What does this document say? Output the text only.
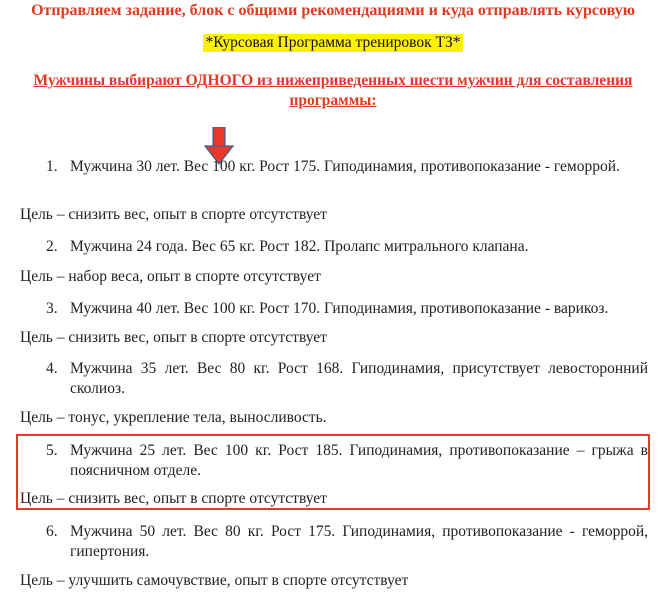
Отправляем задание, блок с общими рекомендациями и куда отправлять курсовую
*Курсовая Программа тренировок ТЗ*
Мужчины выбирают ОДНОГО из нижеприведенных шести мужчин для составления программы:
1. Мужчина 30 лет. Вес 100 кг. Рост 175. Гиподинамия, противопоказание - геморрой.
Цель – снизить вес, опыт в спорте отсутствует
2. Мужчина 24 года. Вес 65 кг. Рост 182. Пролапс митрального клапана.
Цель – набор веса, опыт в спорте отсутствует
3. Мужчина 40 лет. Вес 100 кг. Рост 170. Гиподинамия, противопоказание - варикоз.
Цель – снизить вес, опыт в спорте отсутствует
4. Мужчина 35 лет. Вес 80 кг. Рост 168. Гиподинамия, присутствует левосторонний сколиоз.
Цель – тонус, укрепление тела, выносливость.
5. Мужчина 25 лет. Вес 100 кг. Рост 185. Гиподинамия, противопоказание – грыжа в поясничном отделе.
Цель – снизить вес, опыт в спорте отсутствует
6. Мужчина 50 лет. Вес 80 кг. Рост 175. Гиподинамия, противопоказание - геморрой, гипертония.
Цель – улучшить самочувствие, опыт в спорте отсутствует
